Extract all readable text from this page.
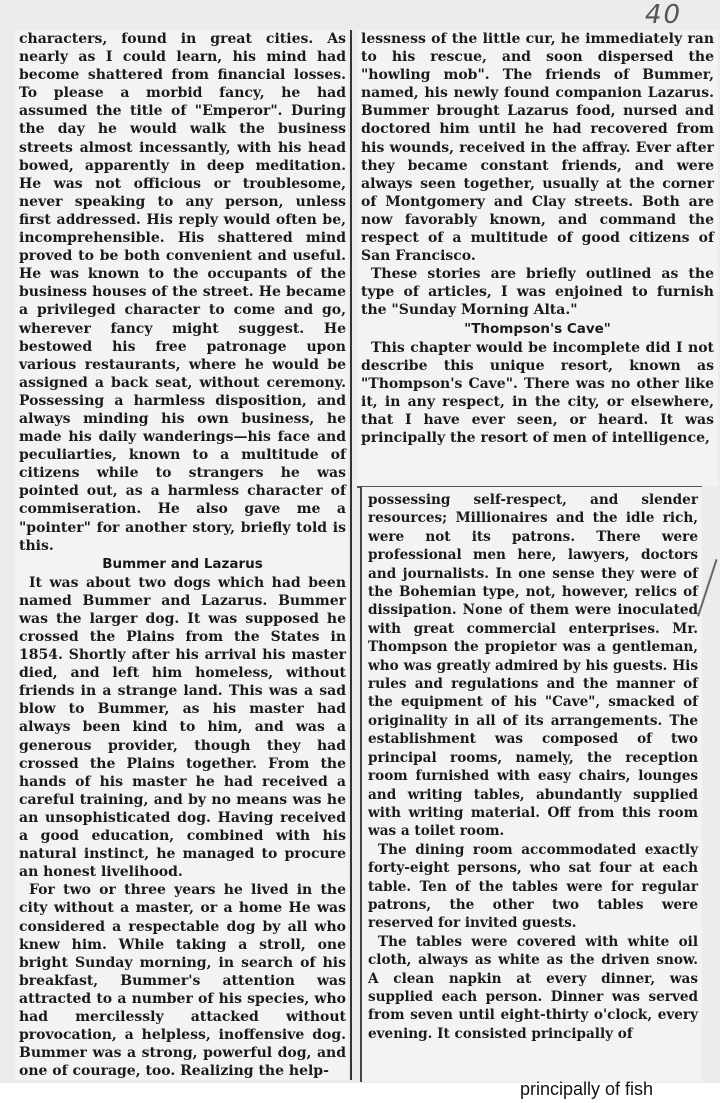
40

characters, found in great cities. As nearly as I could learn, his mind had become shattered from financial losses. To please a morbid fancy, he had assumed the title of "Emperor". During the day he would walk the business streets almost incessantly, with his head bowed, apparently in deep meditation. He was not officious or troublesome, never speaking to any person, unless first addressed. His reply would often be, incomprehensible. His shattered mind proved to be both convenient and useful. He was known to the occupants of the business houses of the street. He became a privileged character to come and go, wherever fancy might suggest. He bestowed his free patronage upon various restaurants, where he would be assigned a back seat, without ceremony. Possessing a harmless disposition, and always minding his own business, he made his daily wanderings—his face and peculiarties, known to a multitude of citizens while to strangers he was pointed out, as a harmless character of commiseration. He also gave me a "pointer" for another story, briefly told is this.

Bummer and Lazarus

It was about two dogs which had been named Bummer and Lazarus. Bummer was the larger dog. It was supposed he crossed the Plains from the States in 1854. Shortly after his arrival his master died, and left him homeless, without friends in a strange land. This was a sad blow to Bummer, as his master had always been kind to him, and was a generous provider, though they had crossed the Plains together. From the hands of his master he had received a careful training, and by no means was he an unsophisticated dog. Having received a good education, combined with his natural instinct, he managed to procure an honest livelihood.

For two or three years he lived in the city without a master, or a home He was considered a respectable dog by all who knew him. While taking a stroll, one bright Sunday morning, in search of his breakfast, Bummer's attention was attracted to a number of his species, who had mercilessly attacked without provocation, a helpless, inoffensive dog. Bummer was a strong, powerful dog, and one of courage, too. Realizing the help-

lessness of the little cur, he immediately ran to his rescue, and soon dispersed the "howling mob". The friends of Bummer, named, his newly found companion Lazarus. Bummer brought Lazarus food, nursed and doctored him until he had recovered from his wounds, received in the affray. Ever after they became constant friends, and were always seen together, usually at the corner of Montgomery and Clay streets. Both are now favorably known, and command the respect of a multitude of good citizens of San Francisco.

These stories are briefly outlined as the type of articles, I was enjoined to furnish the "Sunday Morning Alta."

"Thompson's Cave"

This chapter would be incomplete did I not describe this unique resort, known as "Thompson's Cave". There was no other like it, in any respect, in the city, or elsewhere, that I have ever seen, or heard. It was principally the resort of men of intelligence,

possessing self-respect, and slender resources; Millionaires and the idle rich, were not its patrons. There were professional men here, lawyers, doctors and journalists. In one sense they were of the Bohemian type, not, however, relics of dissipation. None of them were inoculated with great commercial enterprises. Mr. Thompson the propietor was a gentleman, who was greatly admired by his guests. His rules and regulations and the manner of the equipment of his "Cave", smacked of originality in all of its arrangements. The establishment was composed of two principal rooms, namely, the reception room furnished with easy chairs, lounges and writing tables, abundantly supplied with writing material. Off from this room was a toilet room.

The dining room accommodated exactly forty-eight persons, who sat four at each table. Ten of the tables were for regular patrons, the other two tables were reserved for invited guests.

The tables were covered with white oil cloth, always as white as the driven snow. A clean napkin at every dinner, was supplied each person. Dinner was served from seven until eight-thirty o'clock, every evening. It consisted principally of

principally of fish
